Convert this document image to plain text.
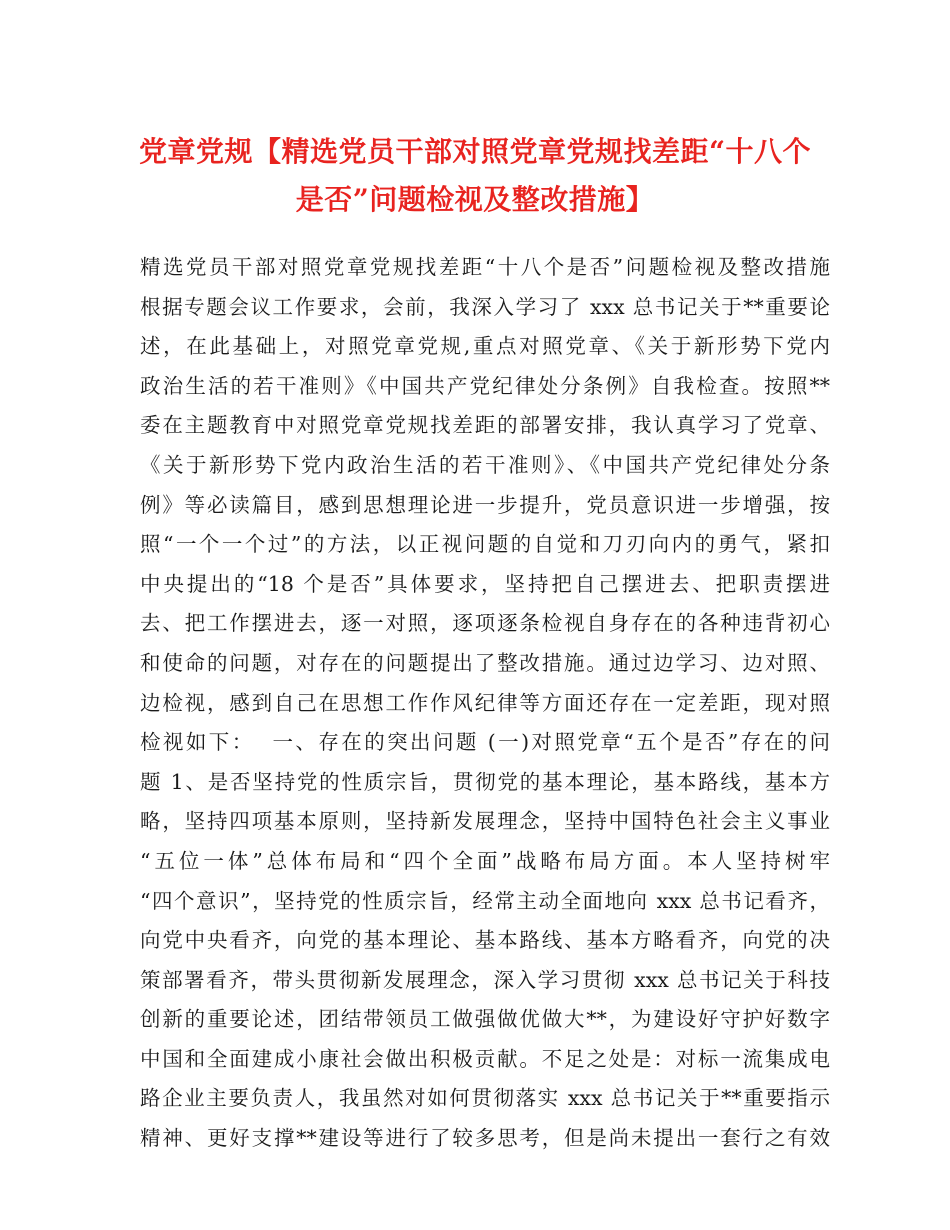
党章党规【精选党员干部对照党章党规找差距“十八个
是否”问题检视及整改措施】
精选党员干部对照党章党规找差距“十八个是否”问题检视及整改措施
根据专题会议工作要求，会前，我深入学习了 xxx 总书记关于**重要论
述，在此基础上，对照党章党规,重点对照党章、《关于新形势下党内
政治生活的若干准则》《中国共产党纪律处分条例》自我检查。按照**
委在主题教育中对照党章党规找差距的部署安排，我认真学习了党章、
《关于新形势下党内政治生活的若干准则》、《中国共产党纪律处分条
例》等必读篇目，感到思想理论进一步提升，党员意识进一步增强，按
照“一个一个过”的方法，以正视问题的自觉和刀刃向内的勇气，紧扣
中央提出的“18 个是否”具体要求，坚持把自己摆进去、把职责摆进
去、把工作摆进去，逐一对照，逐项逐条检视自身存在的各种违背初心
和使命的问题，对存在的问题提出了整改措施。通过边学习、边对照、
边检视，感到自己在思想工作作风纪律等方面还存在一定差距，现对照
检视如下：  一、存在的突出问题 (一)对照党章“五个是否”存在的问
题 1、是否坚持党的性质宗旨，贯彻党的基本理论，基本路线，基本方
略，坚持四项基本原则，坚持新发展理念，坚持中国特色社会主义事业
“五位一体”总体布局和“四个全面”战略布局方面。本人坚持树牢
“四个意识”，坚持党的性质宗旨，经常主动全面地向 xxx 总书记看齐，
向党中央看齐，向党的基本理论、基本路线、基本方略看齐，向党的决
策部署看齐，带头贯彻新发展理念，深入学习贯彻 xxx 总书记关于科技
创新的重要论述，团结带领员工做强做优做大**，为建设好守护好数字
中国和全面建成小康社会做出积极贡献。不足之处是：对标一流集成电
路企业主要负责人，我虽然对如何贯彻落实 xxx 总书记关于**重要指示
精神、更好支撑**建设等进行了较多思考，但是尚未提出一套行之有效
